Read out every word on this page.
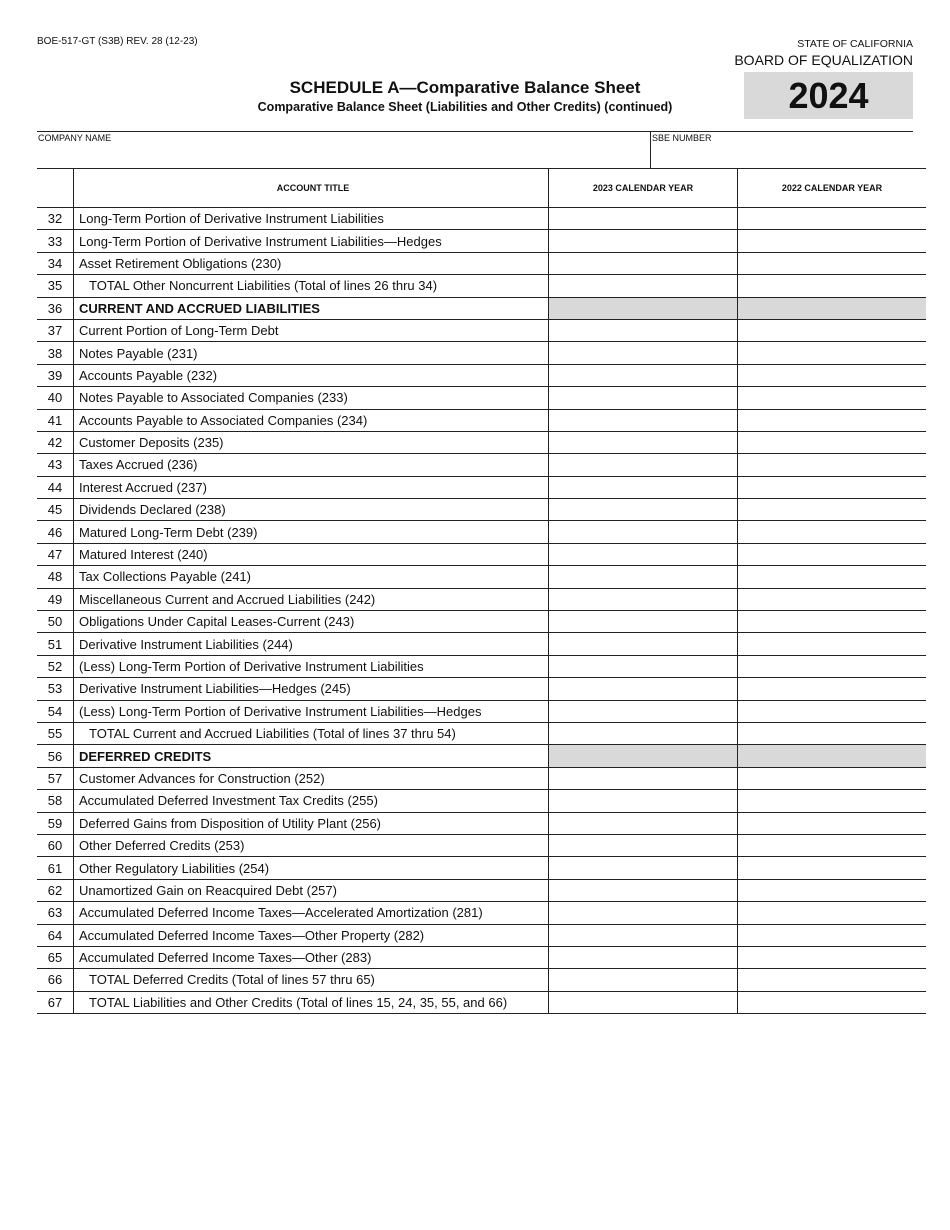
BOE-517-GT (S3B) REV. 28 (12-23)	STATE OF CALIFORNIA
BOARD OF EQUALIZATION
SCHEDULE A—Comparative Balance Sheet
Comparative Balance Sheet (Liabilities and Other Credits) (continued)	2024
COMPANY NAME	SBE NUMBER
	ACCOUNT TITLE	2023 CALENDAR YEAR	2022 CALENDAR YEAR
32	Long-Term Portion of Derivative Instrument Liabilities		
33	Long-Term Portion of Derivative Instrument Liabilities—Hedges		
34	Asset Retirement Obligations (230)		
35	TOTAL Other Noncurrent Liabilities (Total of lines 26 thru 34)		
36	CURRENT AND ACCRUED LIABILITIES		
37	Current Portion of Long-Term Debt		
38	Notes Payable (231)		
39	Accounts Payable (232)		
40	Notes Payable to Associated Companies (233)		
41	Accounts Payable to Associated Companies (234)		
42	Customer Deposits (235)		
43	Taxes Accrued (236)		
44	Interest Accrued (237)		
45	Dividends Declared (238)		
46	Matured Long-Term Debt (239)		
47	Matured Interest (240)		
48	Tax Collections Payable (241)		
49	Miscellaneous Current and Accrued Liabilities (242)		
50	Obligations Under Capital Leases-Current (243)		
51	Derivative Instrument Liabilities (244)		
52	(Less) Long-Term Portion of Derivative Instrument Liabilities		
53	Derivative Instrument Liabilities—Hedges (245)		
54	(Less) Long-Term Portion of Derivative Instrument Liabilities—Hedges		
55	TOTAL Current and Accrued Liabilities (Total of lines 37 thru 54)		
56	DEFERRED CREDITS		
57	Customer Advances for Construction (252)		
58	Accumulated Deferred Investment Tax Credits (255)		
59	Deferred Gains from Disposition of Utility Plant (256)		
60	Other Deferred Credits (253)		
61	Other Regulatory Liabilities (254)		
62	Unamortized Gain on Reacquired Debt (257)		
63	Accumulated Deferred Income Taxes—Accelerated Amortization (281)		
64	Accumulated Deferred Income Taxes—Other Property (282)		
65	Accumulated Deferred Income Taxes—Other (283)		
66	TOTAL Deferred Credits (Total of lines 57 thru 65)		
67	TOTAL Liabilities and Other Credits (Total of lines 15, 24, 35, 55, and 66)		
